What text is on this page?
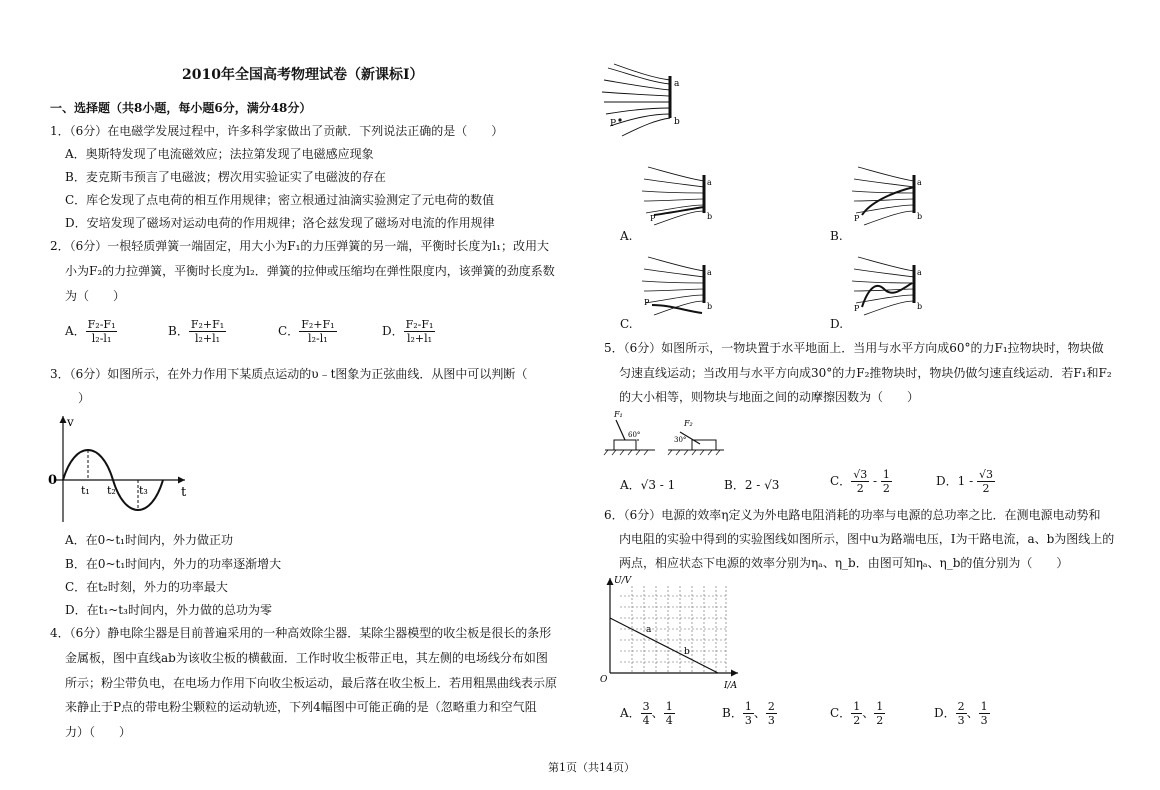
2010年全国高考物理试卷（新课标Ⅰ）
一、选择题（共8小题，每小题6分，满分48分）
1．（6分）在电磁学发展过程中，许多科学家做出了贡献．下列说法正确的是（　　）
A．奥斯特发现了电流磁效应；法拉第发现了电磁感应现象
B．麦克斯韦预言了电磁波；楞次用实验证实了电磁波的存在
C．库仑发现了点电荷的相互作用规律；密立根通过油滴实验测定了元电荷的数值
D．安培发现了磁场对运动电荷的作用规律；洛仑兹发现了磁场对电流的作用规律
2．（6分）一根轻质弹簧一端固定，用大小为F₁的力压弹簧的另一端，平衡时长度为l₁；改用大
小为F₂的力拉弹簧，平衡时长度为l₂．弹簧的拉伸或压缩均在弹性限度内，该弹簧的劲度系数
为（　　）
A． $\frac{\text{F₂-F₁}}{\text{l₂-l₁}}$	B． $\frac{\text{F₂+F₁}}{\text{l₂+l₁}}$	C． $\frac{\text{F₂+F₁}}{\text{l₂-l₁}}$	D． $\frac{\text{F₂-F₁}}{\text{l₂+l₁}}$
3．（6分）如图所示，在外力作用下某质点运动的υ﹣t图象为正弦曲线．从图中可以判断（
）
v
0
t
t₁ t₂ t₃
A．在0~t₁时间内，外力做正功
B．在0~t₁时间内，外力的功率逐渐增大
C．在t₂时刻，外力的功率最大
D．在t₁~t₃时间内，外力做的总功为零
4．（6分）静电除尘器是目前普遍采用的一种高效除尘器．某除尘器模型的收尘板是很长的条形
金属板，图中直线ab为该收尘板的横截面．工作时收尘板带正电，其左侧的电场线分布如图
所示；粉尘带负电，在电场力作用下向收尘板运动，最后落在收尘板上．若用粗黑曲线表示原
来静止于P点的带电粉尘颗粒的运动轨迹，下列4幅图中可能正确的是（忽略重力和空气阻
力）（　　）
a
b
P
A.	B.
C.	D.
a
b
P
a
b
P
a
b
P
a
b
P
5．（6分）如图所示，一物块置于水平地面上．当用与水平方向成60°的力F₁拉物块时，物块做
匀速直线运动；当改用与水平方向成30°的力F₂推物块时，物块仍做匀速直线运动．若F₁和F₂
的大小相等，则物块与地面之间的动摩擦因数为（　　）
F₁
60°
F₂
30°
A．√3 - 1	B．2 - √3	C． $\frac{√3}{2} - \frac{1}{2}$	D．$1 - \frac{√3}{2}$
6．（6分）电源的效率η定义为外电路电阻消耗的功率与电源的总功率之比．在测电源电动势和
内电阻的实验中得到的实验图线如图所示，图中u为路端电压，I为干路电流，a、b为图线上的
两点，相应状态下电源的效率分别为ηₐ、η_b．由图可知ηₐ、η_b的值分别为（　　）
a
b
U/V
I/A
O
A． $\frac{3}{4}$ 、 $\frac{1}{4}$	B． $\frac{1}{3}$ 、 $\frac{2}{3}$	C． $\frac{1}{2}$ 、 $\frac{1}{2}$	D． $\frac{2}{3}$ 、 $\frac{1}{3}$
第1页（共14页）
